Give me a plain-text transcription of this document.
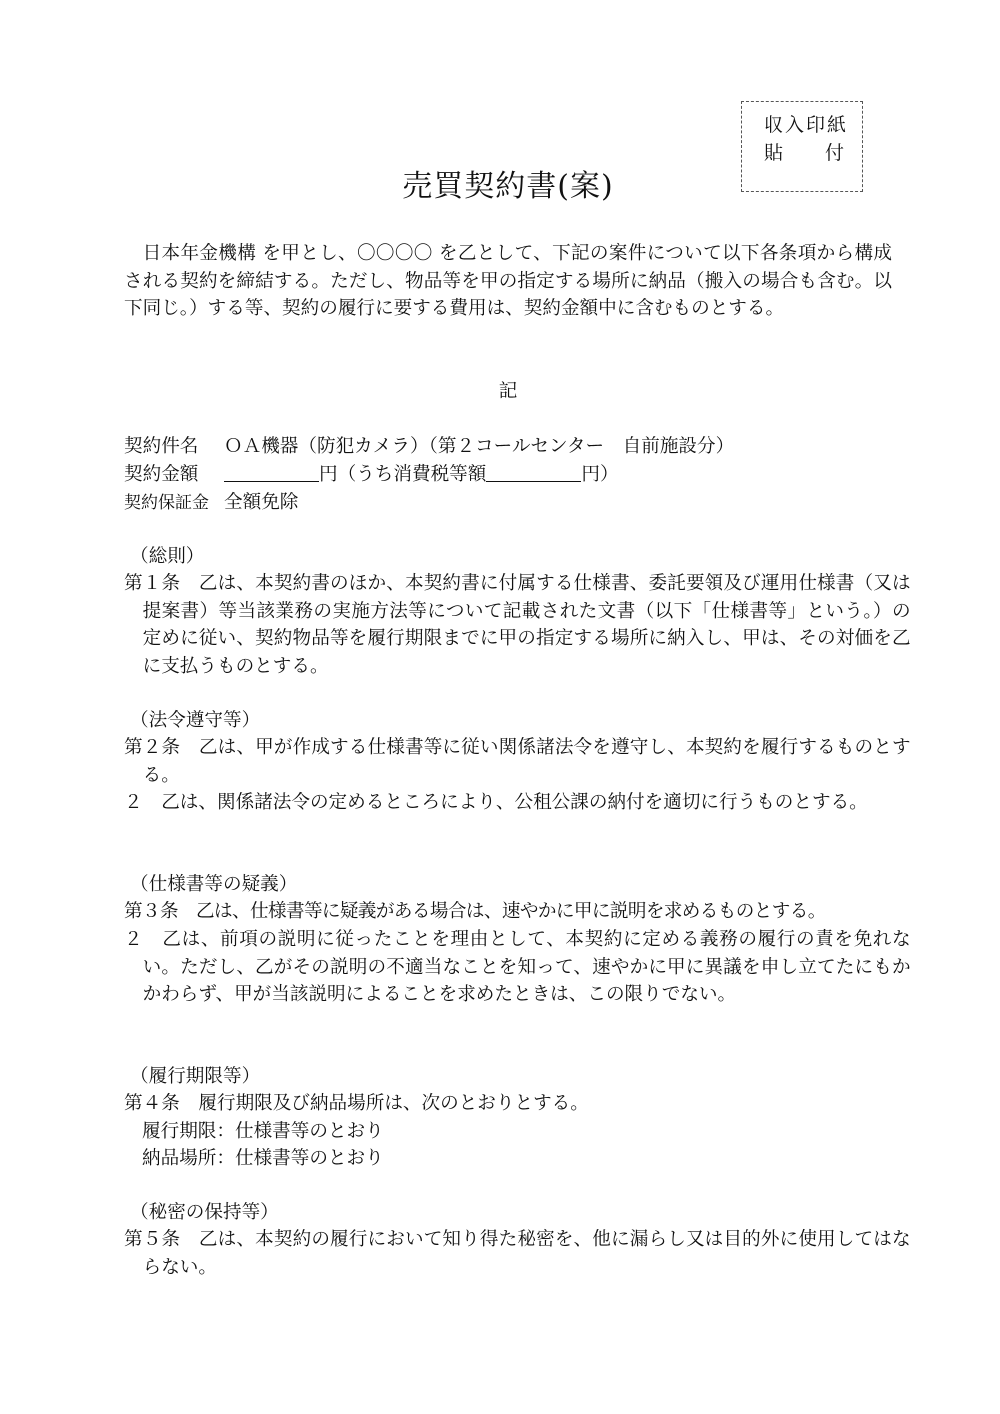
収入印紙
貼 付
売買契約書(案)

日本年金機構 を甲とし、〇〇〇〇 を乙として、下記の案件について以下各条項から構成される契約を締結する。ただし、物品等を甲の指定する場所に納品（搬入の場合も含む。以下同じ。）する等、契約の履行に要する費用は、契約金額中に含むものとする。

記
契約件名 ＯＡ機器（防犯カメラ）（第２コールセンター　自前施設分）
契約金額	円（うち消費税等額	円）
契約保証金 全額免除
（総則）

第１条　乙は、本契約書のほか、本契約書に付属する仕様書、委託要領及び運用仕様書（又は提案書）等当該業務の実施方法等について記載された文書（以下「仕様書等」という。）の定めに従い、契約物品等を履行期限までに甲の指定する場所に納入し、甲は、その対価を乙に支払うものとする。

（法令遵守等）

第２条　乙は、甲が作成する仕様書等に従い関係諸法令を遵守し、本契約を履行するものとする。

２　乙は、関係諸法令の定めるところにより、公租公課の納付を適切に行うものとする。

（仕様書等の疑義）

第３条　乙は、仕様書等に疑義がある場合は、速やかに甲に説明を求めるものとする。

２　乙は、前項の説明に従ったことを理由として、本契約に定める義務の履行の責を免れない。ただし、乙がその説明の不適当なことを知って、速やかに甲に異議を申し立てたにもかかわらず、甲が当該説明によることを求めたときは、この限りでない。

（履行期限等）

第４条　履行期限及び納品場所は、次のとおりとする。

履行期限：仕様書等のとおり
納品場所：仕様書等のとおり
（秘密の保持等）

第５条　乙は、本契約の履行において知り得た秘密を、他に漏らし又は目的外に使用してはならない。
